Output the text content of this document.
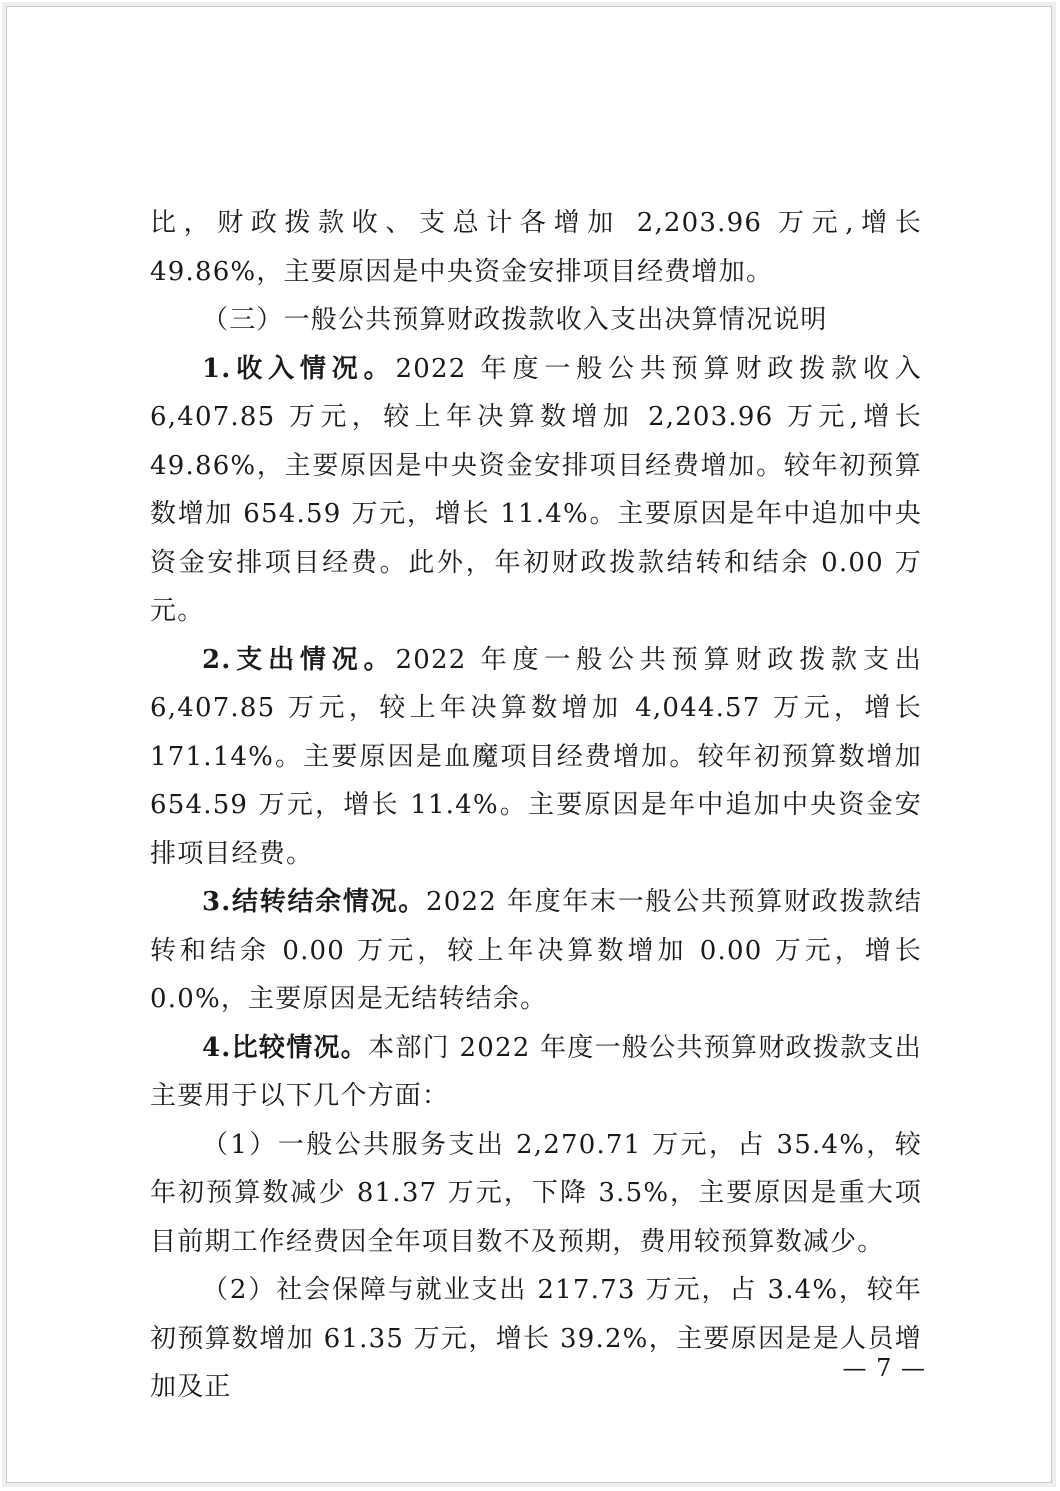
比，财政拨款收、支总计各增加 2,203.96 万元,增长 49.86%，主要原因是中央资金安排项目经费增加。

（三）一般公共预算财政拨款收入支出决算情况说明

1.收入情况。2022 年度一般公共预算财政拨款收入 6,407.85 万元，较上年决算数增加 2,203.96 万元,增长 49.86%，主要原因是中央资金安排项目经费增加。较年初预算数增加 654.59 万元，增长 11.4%。主要原因是年中追加中央资金安排项目经费。此外，年初财政拨款结转和结余 0.00 万元。

2.支出情况。2022 年度一般公共预算财政拨款支出 6,407.85 万元，较上年决算数增加 4,044.57 万元，增长 171.14%。主要原因是血魔项目经费增加。较年初预算数增加 654.59 万元，增长 11.4%。主要原因是年中追加中央资金安排项目经费。

3.结转结余情况。2022 年度年末一般公共预算财政拨款结转和结余 0.00 万元，较上年决算数增加 0.00 万元，增长 0.0%，主要原因是无结转结余。

4.比较情况。本部门 2022 年度一般公共预算财政拨款支出主要用于以下几个方面：

（1）一般公共服务支出 2,270.71 万元，占 35.4%，较年初预算数减少 81.37 万元，下降 3.5%，主要原因是重大项目前期工作经费因全年项目数不及预期，费用较预算数减少。

（2）社会保障与就业支出 217.73 万元，占 3.4%，较年初预算数增加 61.35 万元，增长 39.2%，主要原因是是人员增加及正

— 7 —
